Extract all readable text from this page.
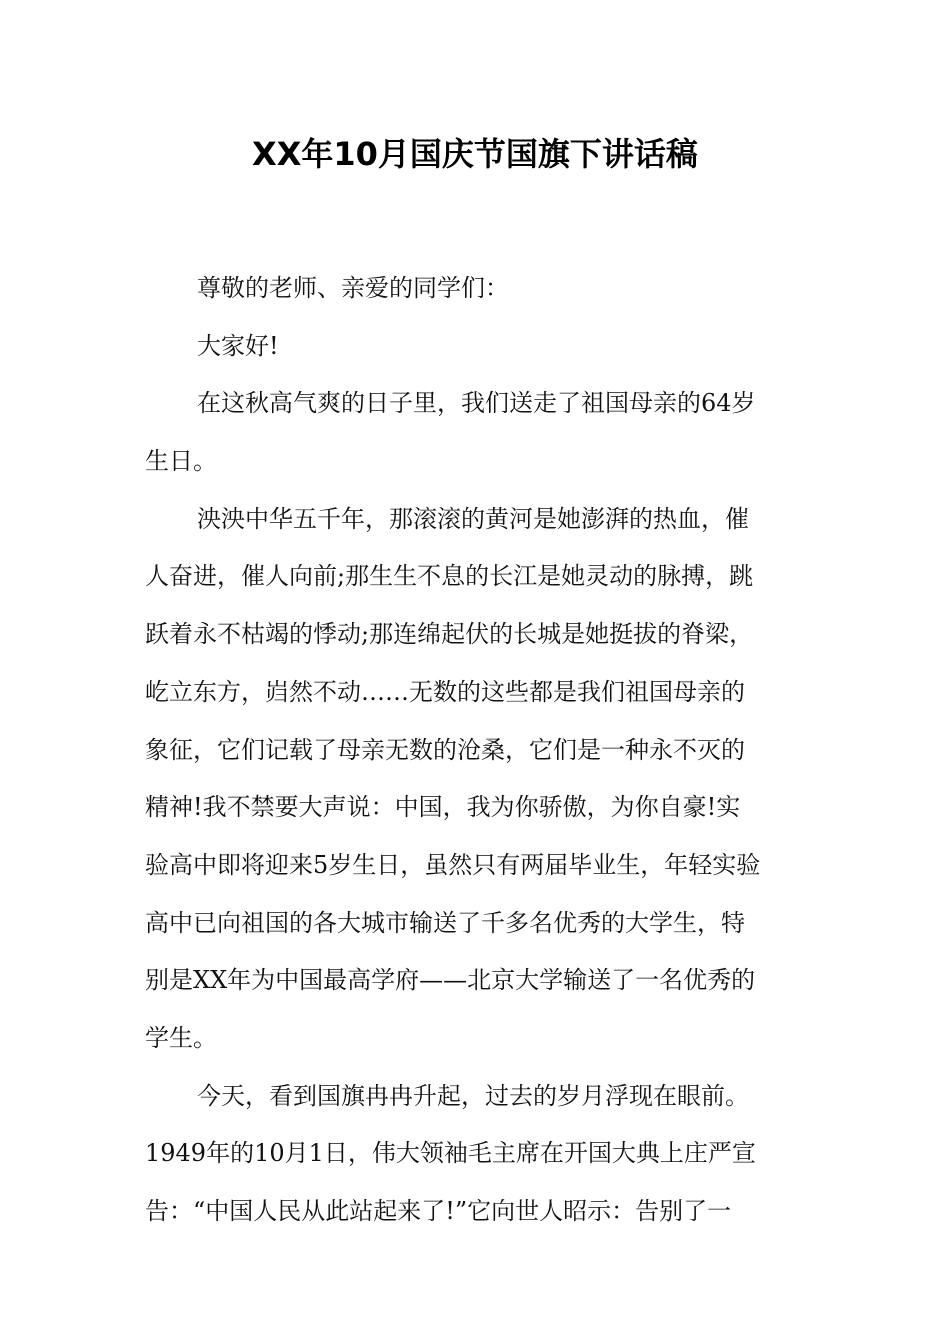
XX年10月国庆节国旗下讲话稿
尊敬的老师、亲爱的同学们：
大家好!
在这秋高气爽的日子里，我们送走了祖国母亲的64岁
生日。
泱泱中华五千年，那滚滚的黄河是她澎湃的热血，催
人奋进，催人向前;那生生不息的长江是她灵动的脉搏，跳
跃着永不枯竭的悸动;那连绵起伏的长城是她挺拔的脊梁，
屹立东方，岿然不动……无数的这些都是我们祖国母亲的
象征，它们记载了母亲无数的沧桑，它们是一种永不灭的
精神!我不禁要大声说：中国，我为你骄傲，为你自豪!实
验高中即将迎来5岁生日，虽然只有两届毕业生，年轻实验
高中已向祖国的各大城市输送了千多名优秀的大学生，特
别是XX年为中国最高学府——北京大学输送了一名优秀的
学生。
今天，看到国旗冉冉升起，过去的岁月浮现在眼前。
1949年的10月1日，伟大领袖毛主席在开国大典上庄严宣
告：“中国人民从此站起来了!”它向世人昭示：告别了一
